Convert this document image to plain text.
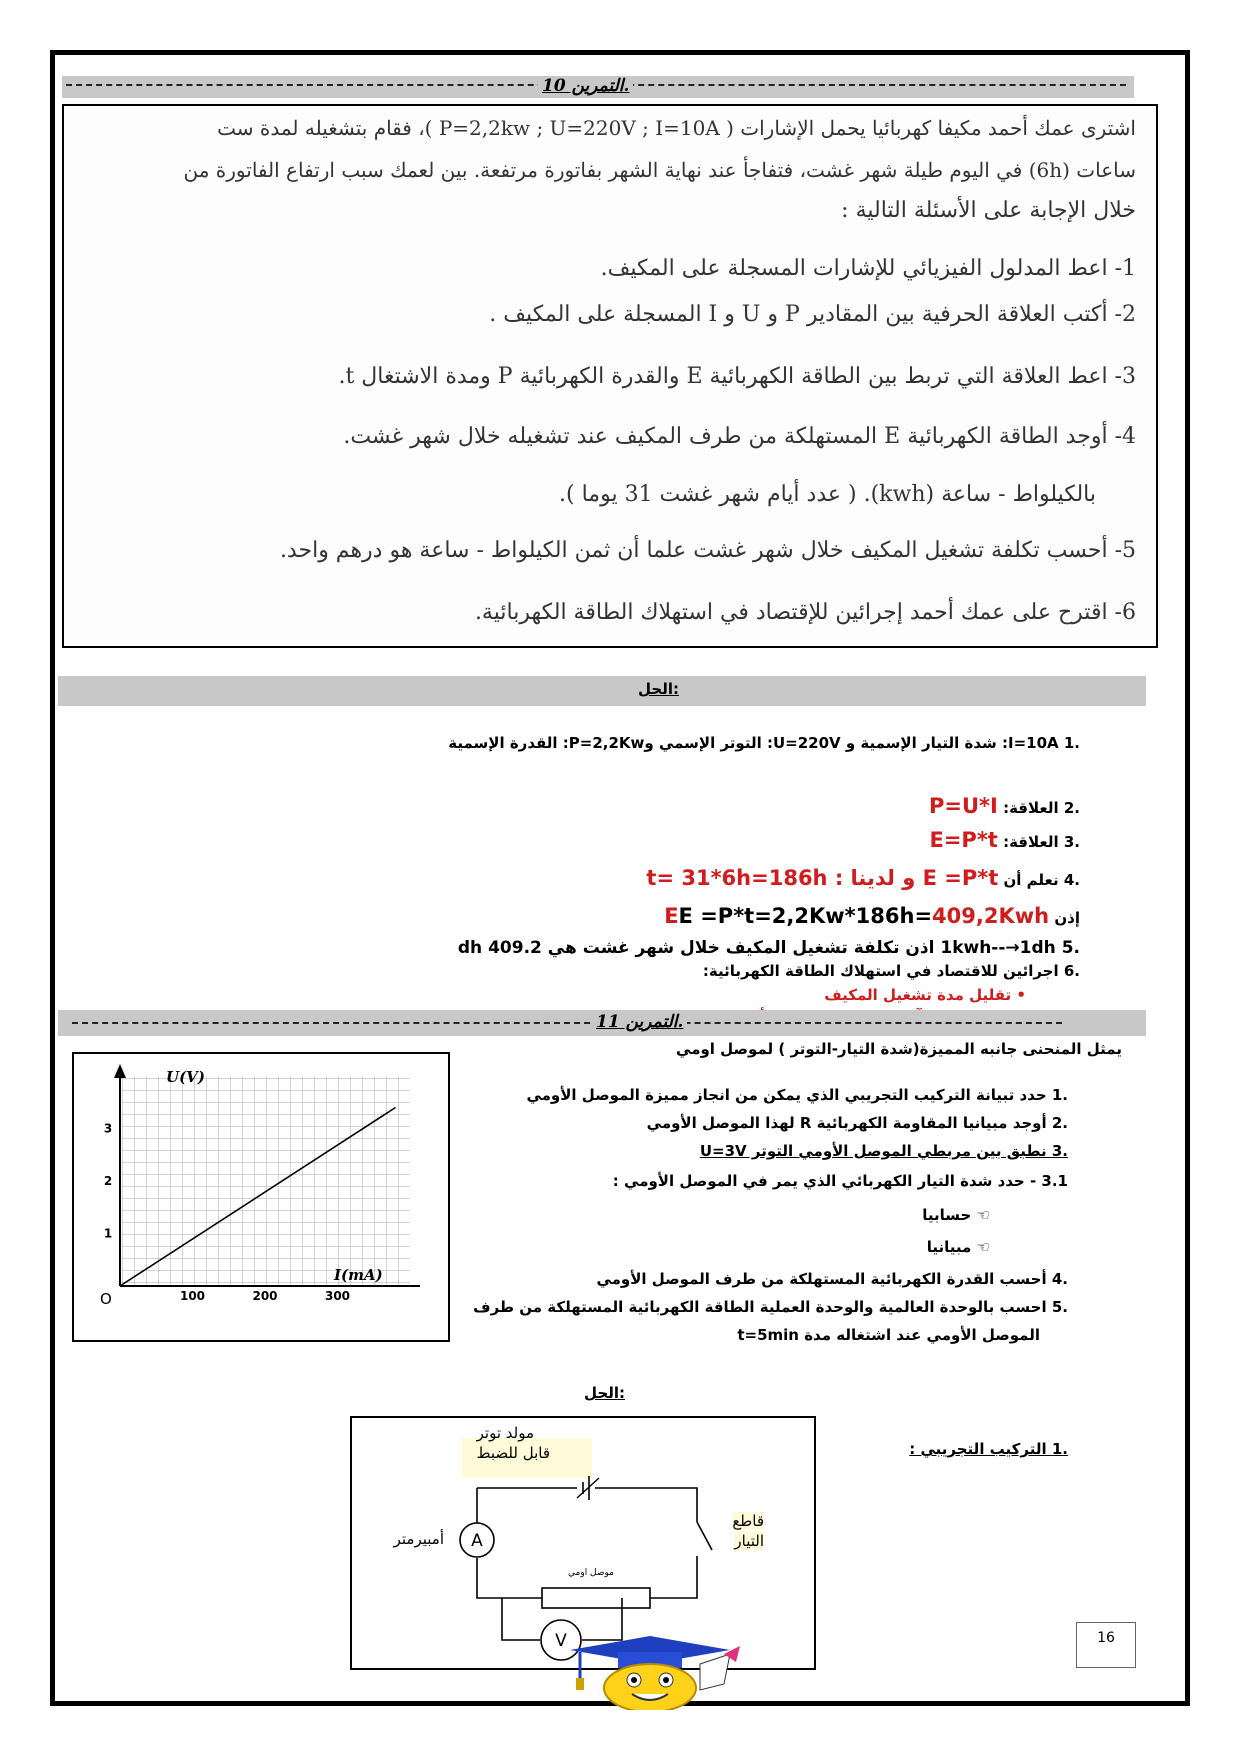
التمرين 10.
اشترى عمك أحمد مكيفا كهربائيا يحمل الإشارات ( P=2,2kw ; U=220V ; I=10A )، فقام بتشغيله لمدة ست
ساعات (6h) في اليوم طيلة شهر غشت، فتفاجأ عند نهاية الشهر بفاتورة مرتفعة. بين لعمك سبب ارتفاع الفاتورة من
خلال الإجابة على الأسئلة التالية :
1- اعط المدلول الفيزيائي للإشارات المسجلة على المكيف.
2- أكتب العلاقة الحرفية بين المقادير P و U و I المسجلة على المكيف .
3- اعط العلاقة التي تربط بين الطاقة الكهربائية E والقدرة الكهربائية P ومدة الاشتغال t.
4- أوجد الطاقة الكهربائية E المستهلكة من طرف المكيف عند تشغيله خلال شهر غشت.
بالكيلواط - ساعة (kwh). ( عدد أيام شهر غشت 31 يوما ).
5- أحسب تكلفة تشغيل المكيف خلال شهر غشت علما أن ثمن الكيلواط - ساعة هو درهم واحد.
6- اقترح على عمك أحمد إجرائين للإقتصاد في استهلاك الطاقة الكهربائية.
الحل:
.1 I=10A: شدة التيار الإسمية و U=220V: التوتر الإسمي وP=2,2Kw: القدرة الإسمية
.2 العلاقة: P=U*I
.3 العلاقة: E=P*t
.4 نعلم أن E =P*t و لدينا : t= 31*6h=186h
EE =P*t=2,2Kw*186h=409,2Kwh إذن
.5 1kwh--→1dh اذن تكلفة تشغيل المكيف خلال شهر غشت هي 409.2 dh
.6 اجرائين للاقتصاد في استهلاك الطاقة الكهربائية:
• تقليل مدة تشغيل المكيف
التمرين 11.
U(V)
I(mA)
O	100	200	300
1
2
3
يمثل المنحنى جانبه المميزة(شدة التيار-التوتر ) لموصل اومي
.1 حدد تبيانة التركيب التجريبي الذي يمكن من انجاز مميزة الموصل الأومي
.2 أوجد مبيانيا المقاومة الكهربائية R لهذا الموصل الأومي
.3 نطبق بين مربطي الموصل الأومي التوتر U=3V
3.1 - حدد شدة التيار الكهربائي الذي يمر في الموصل الأومي :
☜ حسابيا
☜ مبيانيا
.4 أحسب القدرة الكهربائية المستهلكة من طرف الموصل الأومي
.5 احسب بالوحدة العالمية والوحدة العملية الطاقة الكهربائية المستهلكة من طرف
الموصل الأومي عند اشتغاله مدة t=5min
الحل:
.1 التركيب التجريبي :
A
V
مولد توتر
قابل للضبط
أمبيرمتر
قاطع
التيار
موصل اومي
16
